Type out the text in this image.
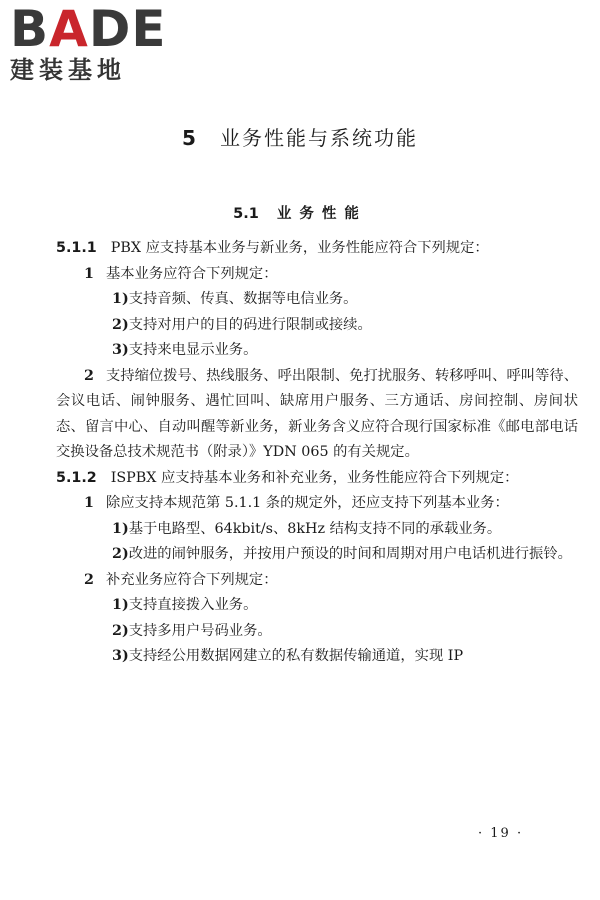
BADE
建装基地
5 业务性能与系统功能
5.1 业务性能

5.1.1 PBX 应支持基本业务与新业务，业务性能应符合下列规定：

1 基本业务应符合下列规定：

1)支持音频、传真、数据等电信业务。

2)支持对用户的目的码进行限制或接续。

3)支持来电显示业务。

2 支持缩位拨号、热线服务、呼出限制、免打扰服务、转移呼叫、呼叫等待、会议电话、闹钟服务、遇忙回叫、缺席用户服务、三方通话、房间控制、房间状态、留言中心、自动叫醒等新业务，新业务含义应符合现行国家标准《邮电部电话交换设备总技术规范书（附录）》YDN 065 的有关规定。

5.1.2 ISPBX 应支持基本业务和补充业务，业务性能应符合下列规定：

1 除应支持本规范第 5.1.1 条的规定外，还应支持下列基本业务：

1)基于电路型、64kbit/s、8kHz 结构支持不同的承载业务。

2)改进的闹钟服务，并按用户预设的时间和周期对用户电话机进行振铃。

2 补充业务应符合下列规定：

1)支持直接拨入业务。

2)支持多用户号码业务。

3)支持经公用数据网建立的私有数据传输通道，实现 IP

· 19 ·
